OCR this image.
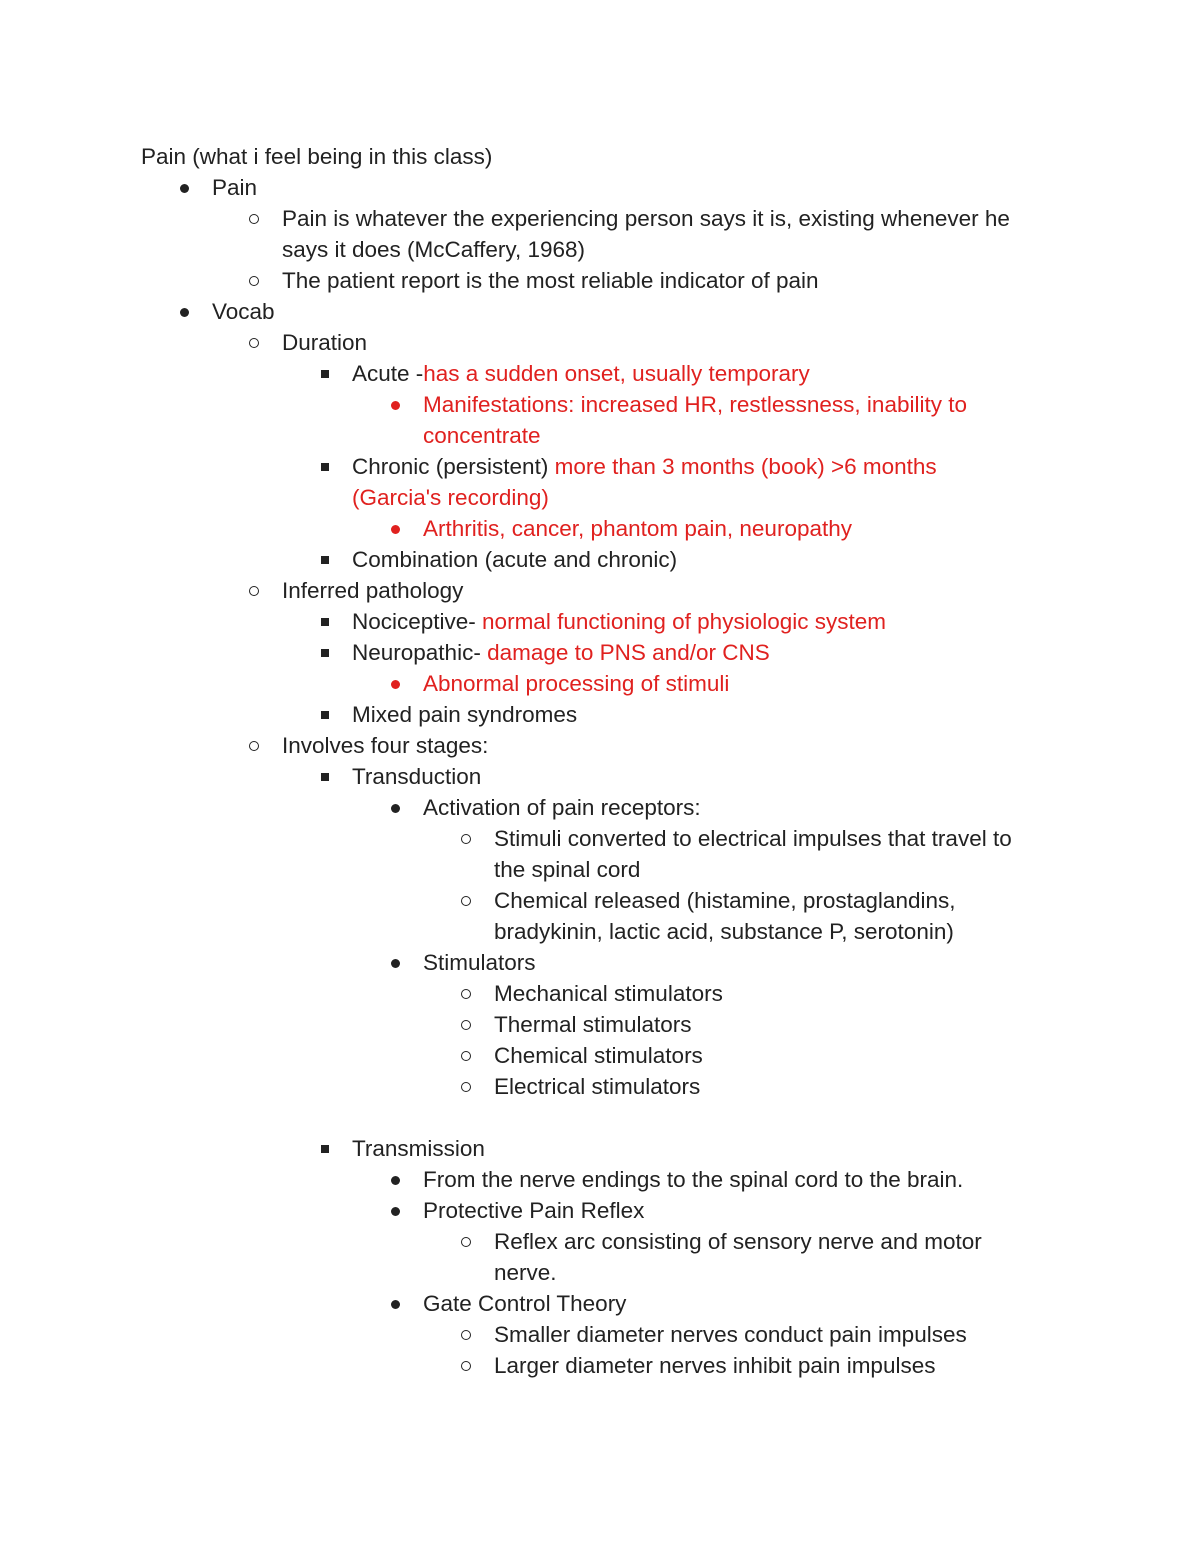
Pain (what i feel being in this class)
Pain
Pain is whatever the experiencing person says it is, existing whenever he
says it does (McCaffery, 1968)
The patient report is the most reliable indicator of pain
Vocab
Duration
Acute -has a sudden onset, usually temporary
Manifestations: increased HR, restlessness, inability to
concentrate
Chronic (persistent) more than 3 months (book) >6 months
(Garcia's recording)
Arthritis, cancer, phantom pain, neuropathy
Combination (acute and chronic)
Inferred pathology
Nociceptive- normal functioning of physiologic system
Neuropathic- damage to PNS and/or CNS
Abnormal processing of stimuli
Mixed pain syndromes
Involves four stages:
Transduction
Activation of pain receptors:
Stimuli converted to electrical impulses that travel to
the spinal cord
Chemical released (histamine, prostaglandins,
bradykinin, lactic acid, substance P, serotonin)
Stimulators
Mechanical stimulators
Thermal stimulators
Chemical stimulators
Electrical stimulators
Transmission
From the nerve endings to the spinal cord to the brain.
Protective Pain Reflex
Reflex arc consisting of sensory nerve and motor
nerve.
Gate Control Theory
Smaller diameter nerves conduct pain impulses
Larger diameter nerves inhibit pain impulses
